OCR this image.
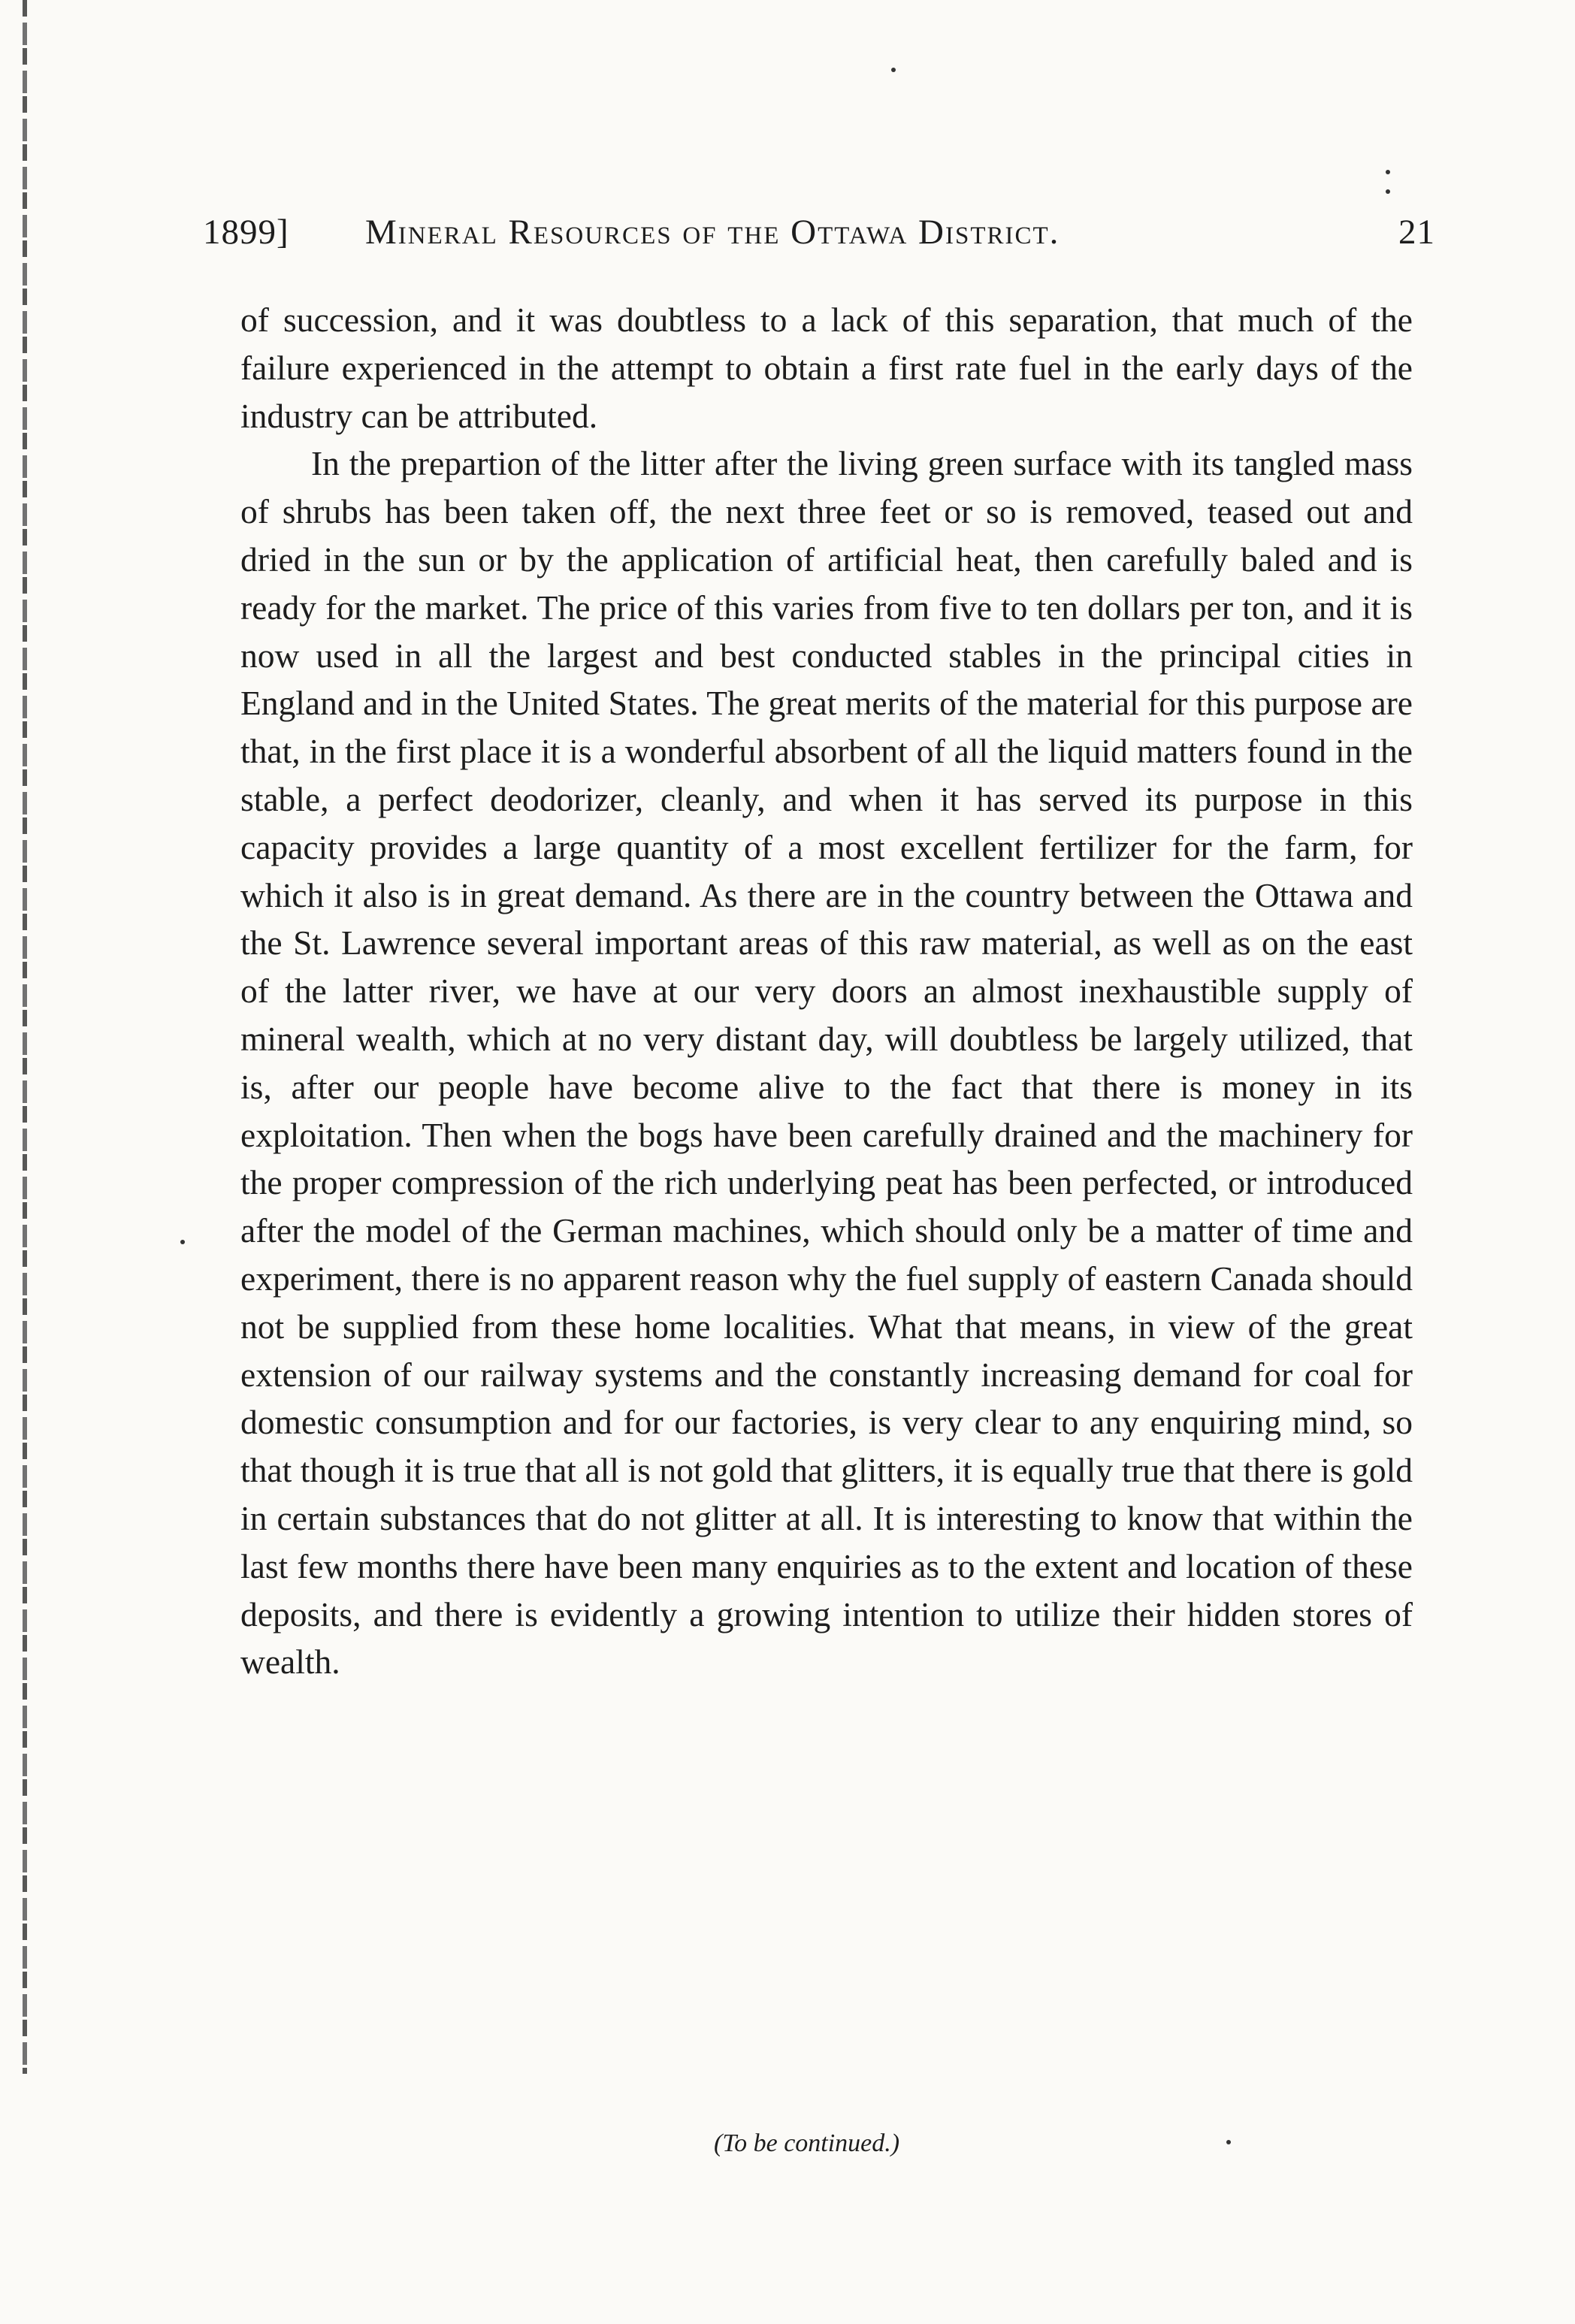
1899] Mineral Resources of the Ottawa District.	21

of succession, and it was doubtless to a lack of this separation, that much of the failure experienced in the attempt to obtain a first rate fuel in the early days of the industry can be attributed.

In the prepartion of the litter after the living green surface with its tangled mass of shrubs has been taken off, the next three feet or so is removed, teased out and dried in the sun or by the application of artificial heat, then carefully baled and is ready for the market. The price of this varies from five to ten dollars per ton, and it is now used in all the largest and best conducted stables in the principal cities in England and in the United States. The great merits of the material for this purpose are that, in the first place it is a wonderful absorbent of all the liquid matters found in the stable, a perfect deodorizer, cleanly, and when it has served its purpose in this capacity provides a large quantity of a most excellent fertilizer for the farm, for which it also is in great demand. As there are in the country between the Ottawa and the St. Lawrence several important areas of this raw material, as well as on the east of the latter river, we have at our very doors an almost inexhaustible supply of mineral wealth, which at no very distant day, will doubtless be largely utilized, that is, after our people have become alive to the fact that there is money in its exploitation. Then when the bogs have been carefully drained and the machinery for the proper compression of the rich underlying peat has been perfected, or introduced after the model of the German machines, which should only be a matter of time and experiment, there is no apparent reason why the fuel supply of eastern Canada should not be supplied from these home localities. What that means, in view of the great extension of our railway systems and the constantly increasing demand for coal for domestic consumption and for our factories, is very clear to any enquiring mind, so that though it is true that all is not gold that glitters, it is equally true that there is gold in certain substances that do not glitter at all. It is interesting to know that within the last few months there have been many enquiries as to the extent and location of these deposits, and there is evidently a growing intention to utilize their hidden stores of wealth.

(To be continued.)
